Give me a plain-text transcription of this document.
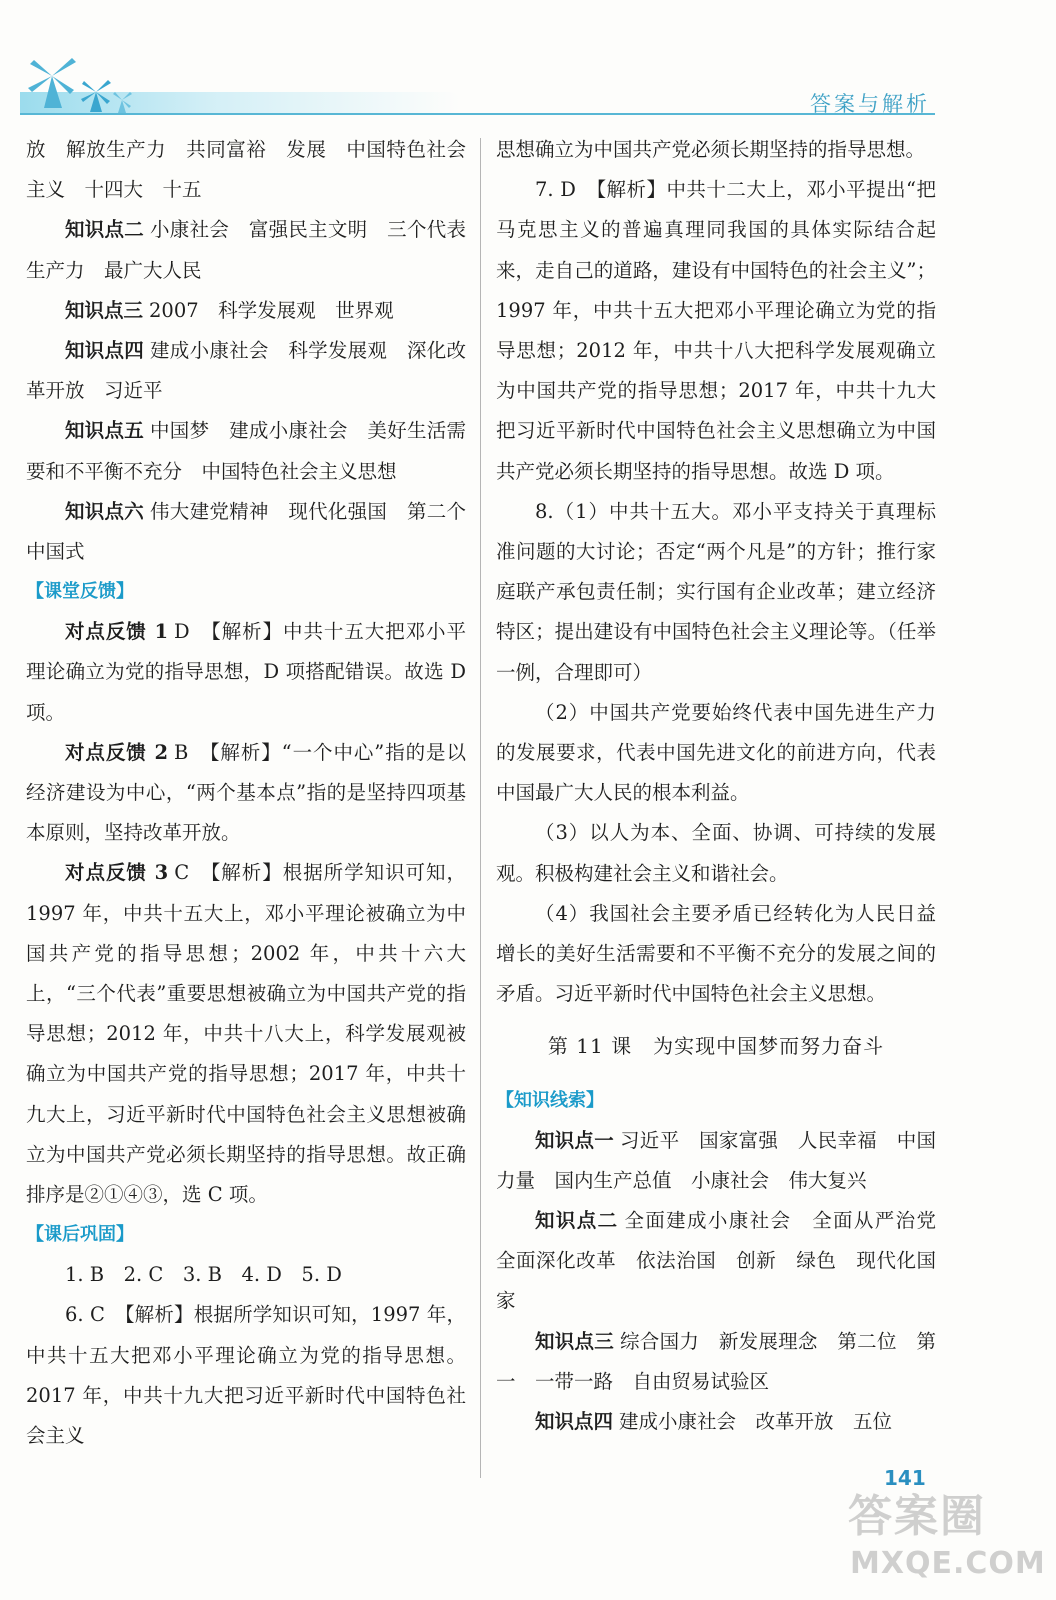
答案与解析

放　解放生产力　共同富裕　发展　中国特色社会主义　十四大　十五

知识点二 小康社会　富强民主文明　三个代表　生产力　最广大人民

知识点三 2007　科学发展观　世界观

知识点四 建成小康社会　科学发展观　深化改革开放　习近平

知识点五 中国梦　建成小康社会　美好生活需要和不平衡不充分　中国特色社会主义思想

知识点六 伟大建党精神　现代化强国　第二个　中国式

【课堂反馈】

对点反馈 1 D　【解析】中共十五大把邓小平理论确立为党的指导思想，D 项搭配错误。故选 D 项。

对点反馈 2 B　【解析】“一个中心”指的是以经济建设为中心，“两个基本点”指的是坚持四项基本原则，坚持改革开放。

对点反馈 3 C　【解析】根据所学知识可知，1997 年，中共十五大上，邓小平理论被确立为中国共产党的指导思想；2002 年，中共十六大上，“三个代表”重要思想被确立为中国共产党的指导思想；2012 年，中共十八大上，科学发展观被确立为中国共产党的指导思想；2017 年，中共十九大上，习近平新时代中国特色社会主义思想被确立为中国共产党必须长期坚持的指导思想。故正确排序是②①④③，选 C 项。

【课后巩固】

1. B　2. C　3. B　4. D　5. D

6. C　【解析】根据所学知识可知，1997 年，中共十五大把邓小平理论确立为党的指导思想。2017 年，中共十九大把习近平新时代中国特色社会主义

思想确立为中国共产党必须长期坚持的指导思想。

7. D　【解析】中共十二大上，邓小平提出“把马克思主义的普遍真理同我国的具体实际结合起来，走自己的道路，建设有中国特色的社会主义”；1997 年，中共十五大把邓小平理论确立为党的指导思想；2012 年，中共十八大把科学发展观确立为中国共产党的指导思想；2017 年，中共十九大把习近平新时代中国特色社会主义思想确立为中国共产党必须长期坚持的指导思想。故选 D 项。

8.（1）中共十五大。邓小平支持关于真理标准问题的大讨论；否定“两个凡是”的方针；推行家庭联产承包责任制；实行国有企业改革；建立经济特区；提出建设有中国特色社会主义理论等。（任举一例，合理即可）

（2）中国共产党要始终代表中国先进生产力的发展要求，代表中国先进文化的前进方向，代表中国最广大人民的根本利益。

（3）以人为本、全面、协调、可持续的发展观。积极构建社会主义和谐社会。

（4）我国社会主要矛盾已经转化为人民日益增长的美好生活需要和不平衡不充分的发展之间的矛盾。习近平新时代中国特色社会主义思想。

第 11 课　为实现中国梦而努力奋斗

【知识线索】

知识点一 习近平　国家富强　人民幸福　中国力量　国内生产总值　小康社会　伟大复兴

知识点二 全面建成小康社会　全面从严治党　全面深化改革　依法治国　创新　绿色　现代化国家

知识点三 综合国力　新发展理念　第二位　第一　一带一路　自由贸易试验区

知识点四 建成小康社会　改革开放　五位

141
答案圈
MXQE.COM
